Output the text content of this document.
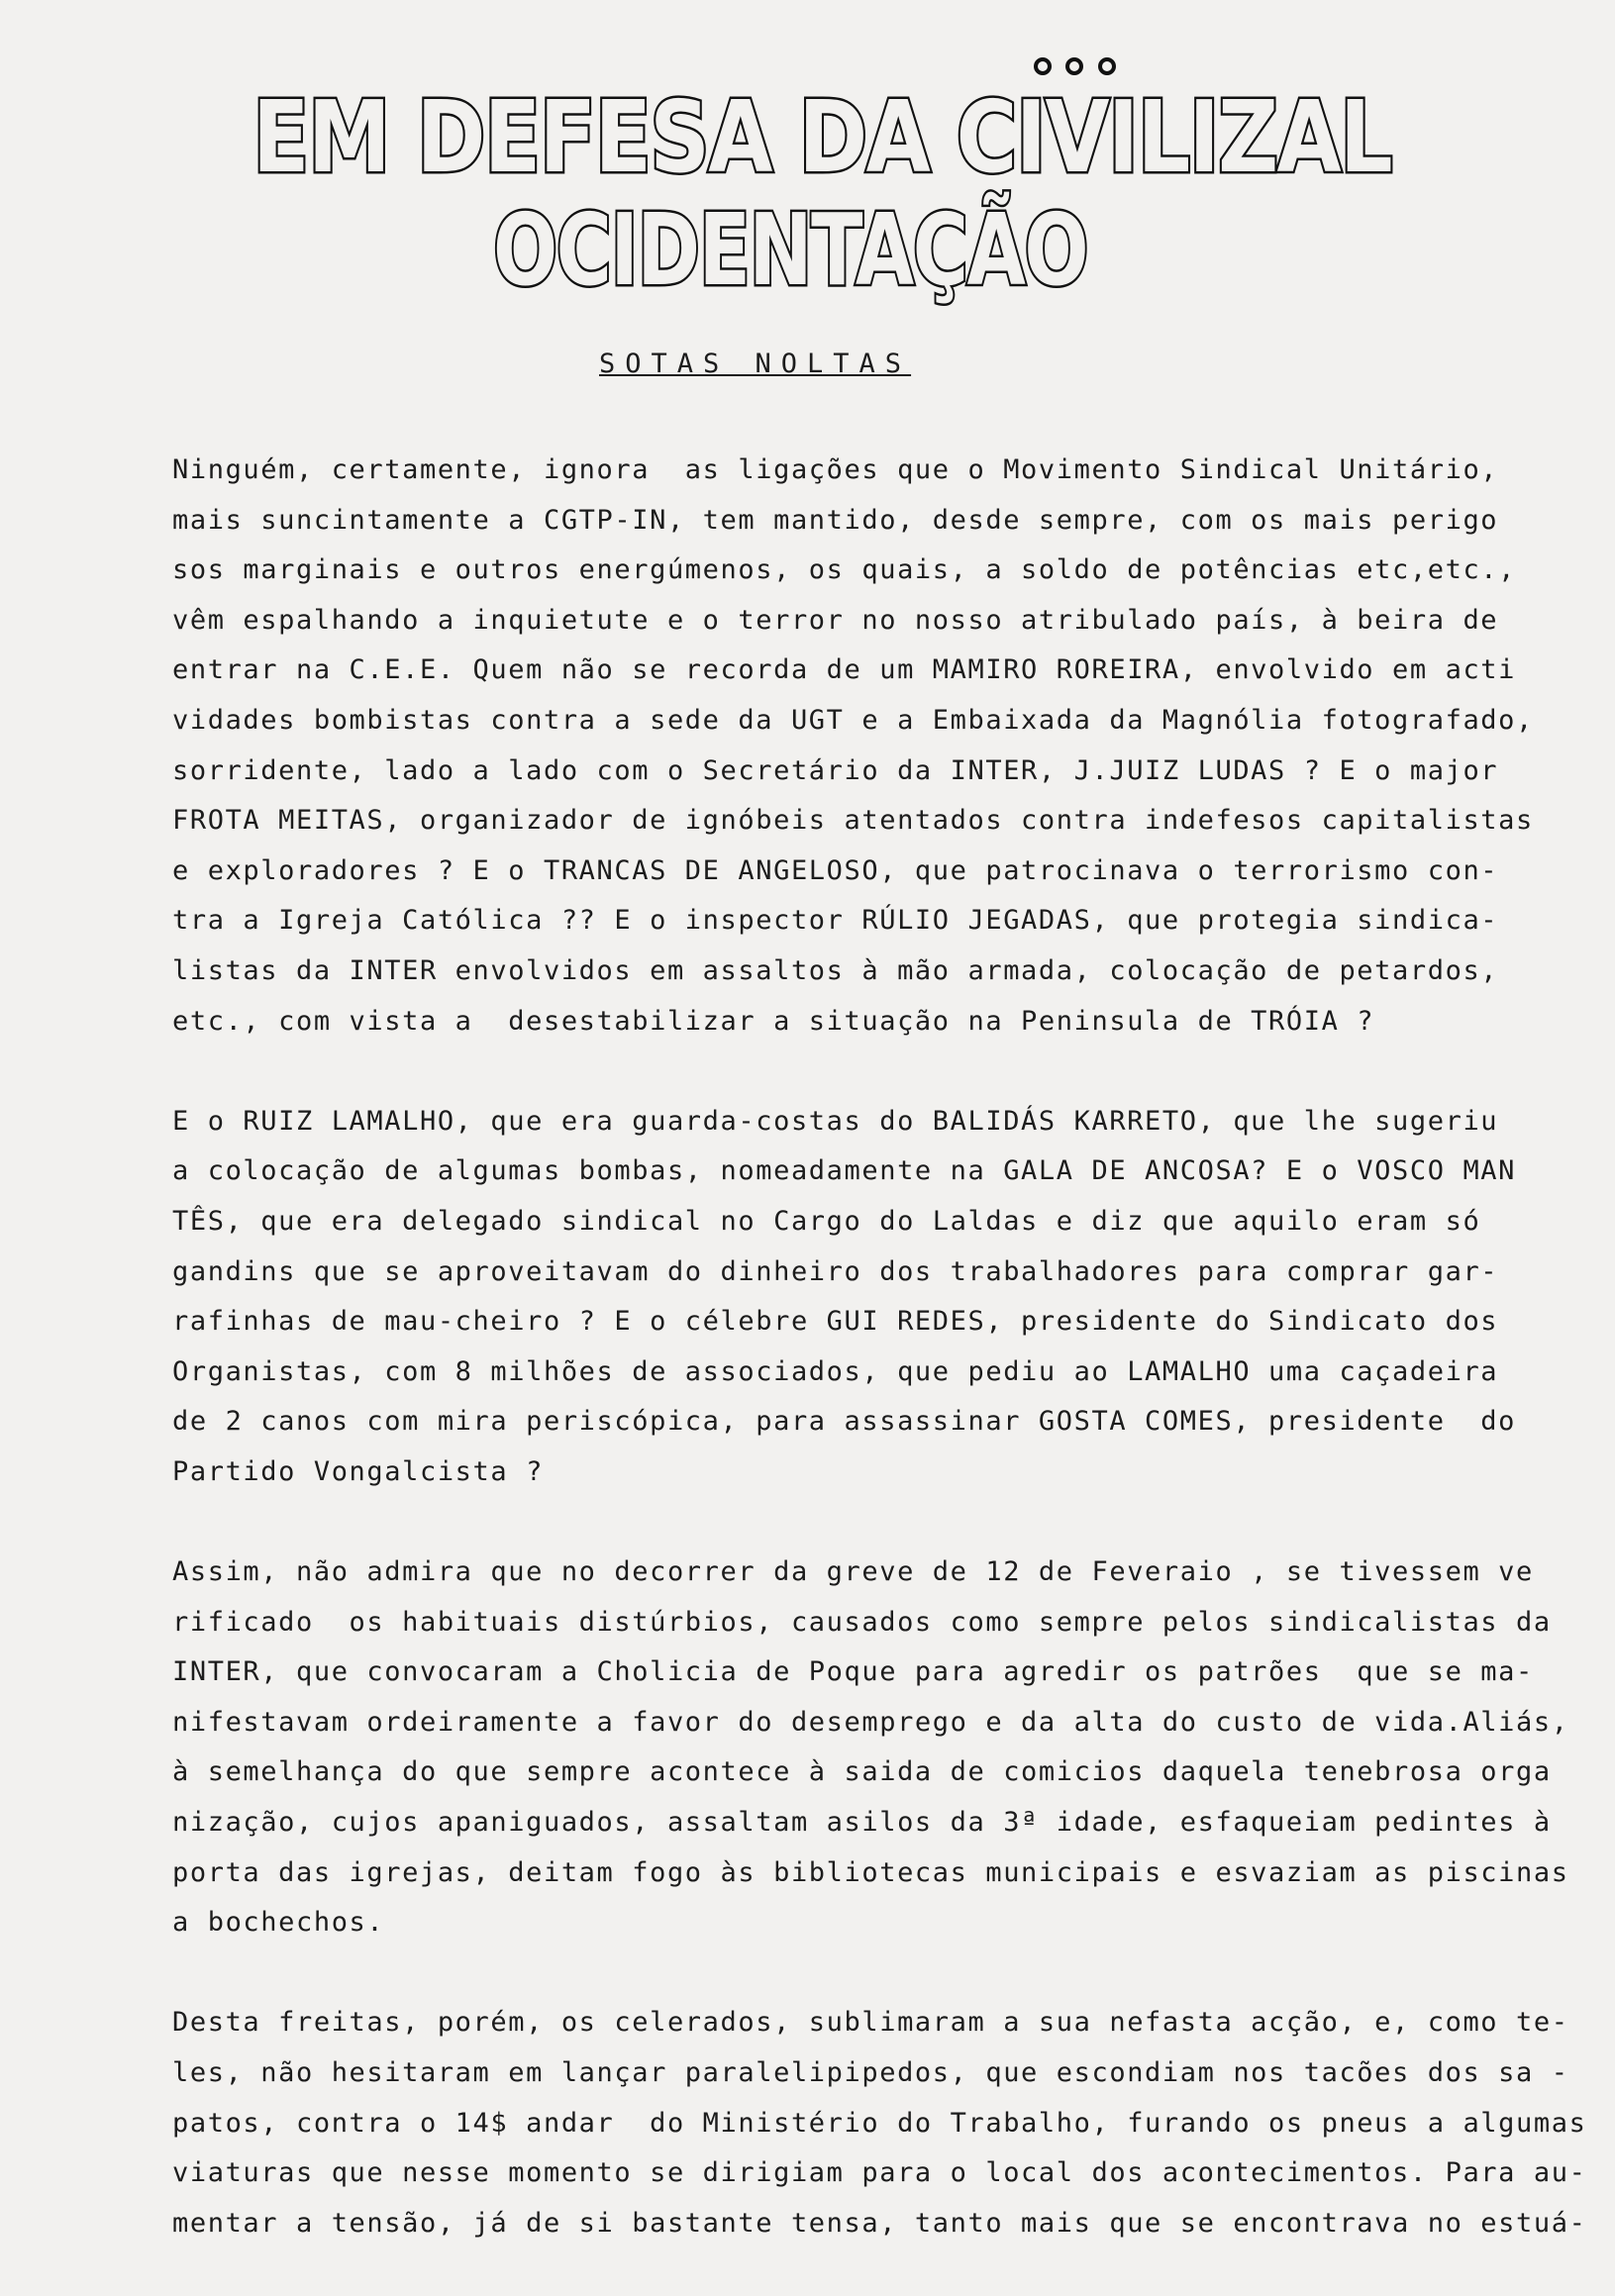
EM DEFESA DA CIVILIZAL
OCIDENTAÇÃO
SOTAS NOLTAS
Ninguém, certamente, ignora  as ligações que o Movimento Sindical Unitário,
mais suncintamente a CGTP-IN, tem mantido, desde sempre, com os mais perigo
sos marginais e outros energúmenos, os quais, a soldo de potências etc,etc.,
vêm espalhando a inquietute e o terror no nosso atribulado país, à beira de
entrar na C.E.E. Quem não se recorda de um MAMIRO ROREIRA, envolvido em acti
vidades bombistas contra a sede da UGT e a Embaixada da Magnólia fotografado,
sorridente, lado a lado com o Secretário da INTER, J.JUIZ LUDAS ? E o major
FROTA MEITAS, organizador de ignóbeis atentados contra indefesos capitalistas
e exploradores ? E o TRANCAS DE ANGELOSO, que patrocinava o terrorismo con-
tra a Igreja Católica ?? E o inspector RÚLIO JEGADAS, que protegia sindica-
listas da INTER envolvidos em assaltos à mão armada, colocação de petardos,
etc., com vista a  desestabilizar a situação na Peninsula de TRÓIA ?
E o RUIZ LAMALHO, que era guarda-costas do BALIDÁS KARRETO, que lhe sugeriu
a colocação de algumas bombas, nomeadamente na GALA DE ANCOSA? E o VOSCO MAN
TÊS, que era delegado sindical no Cargo do Laldas e diz que aquilo eram só
gandins que se aproveitavam do dinheiro dos trabalhadores para comprar gar-
rafinhas de mau-cheiro ? E o célebre GUI REDES, presidente do Sindicato dos
Organistas, com 8 milhões de associados, que pediu ao LAMALHO uma caçadeira
de 2 canos com mira periscópica, para assassinar GOSTA COMES, presidente  do
Partido Vongalcista ?
Assim, não admira que no decorrer da greve de 12 de Feveraio , se tivessem ve
rificado  os habituais distúrbios, causados como sempre pelos sindicalistas da
INTER, que convocaram a Cholicia de Poque para agredir os patrões  que se ma-
nifestavam ordeiramente a favor do desemprego e da alta do custo de vida.Aliás,
à semelhança do que sempre acontece à saida de comicios daquela tenebrosa orga
nização, cujos apaniguados, assaltam asilos da 3ª idade, esfaqueiam pedintes à
porta das igrejas, deitam fogo às bibliotecas municipais e esvaziam as piscinas
a bochechos.
Desta freitas, porém, os celerados, sublimaram a sua nefasta acção, e, como te-
les, não hesitaram em lançar paralelipipedos, que escondiam nos tacões dos sa -
patos, contra o 14$ andar  do Ministério do Trabalho, furando os pneus a algumas
viaturas que nesse momento se dirigiam para o local dos acontecimentos. Para au-
mentar a tensão, já de si bastante tensa, tanto mais que se encontrava no estuá-
